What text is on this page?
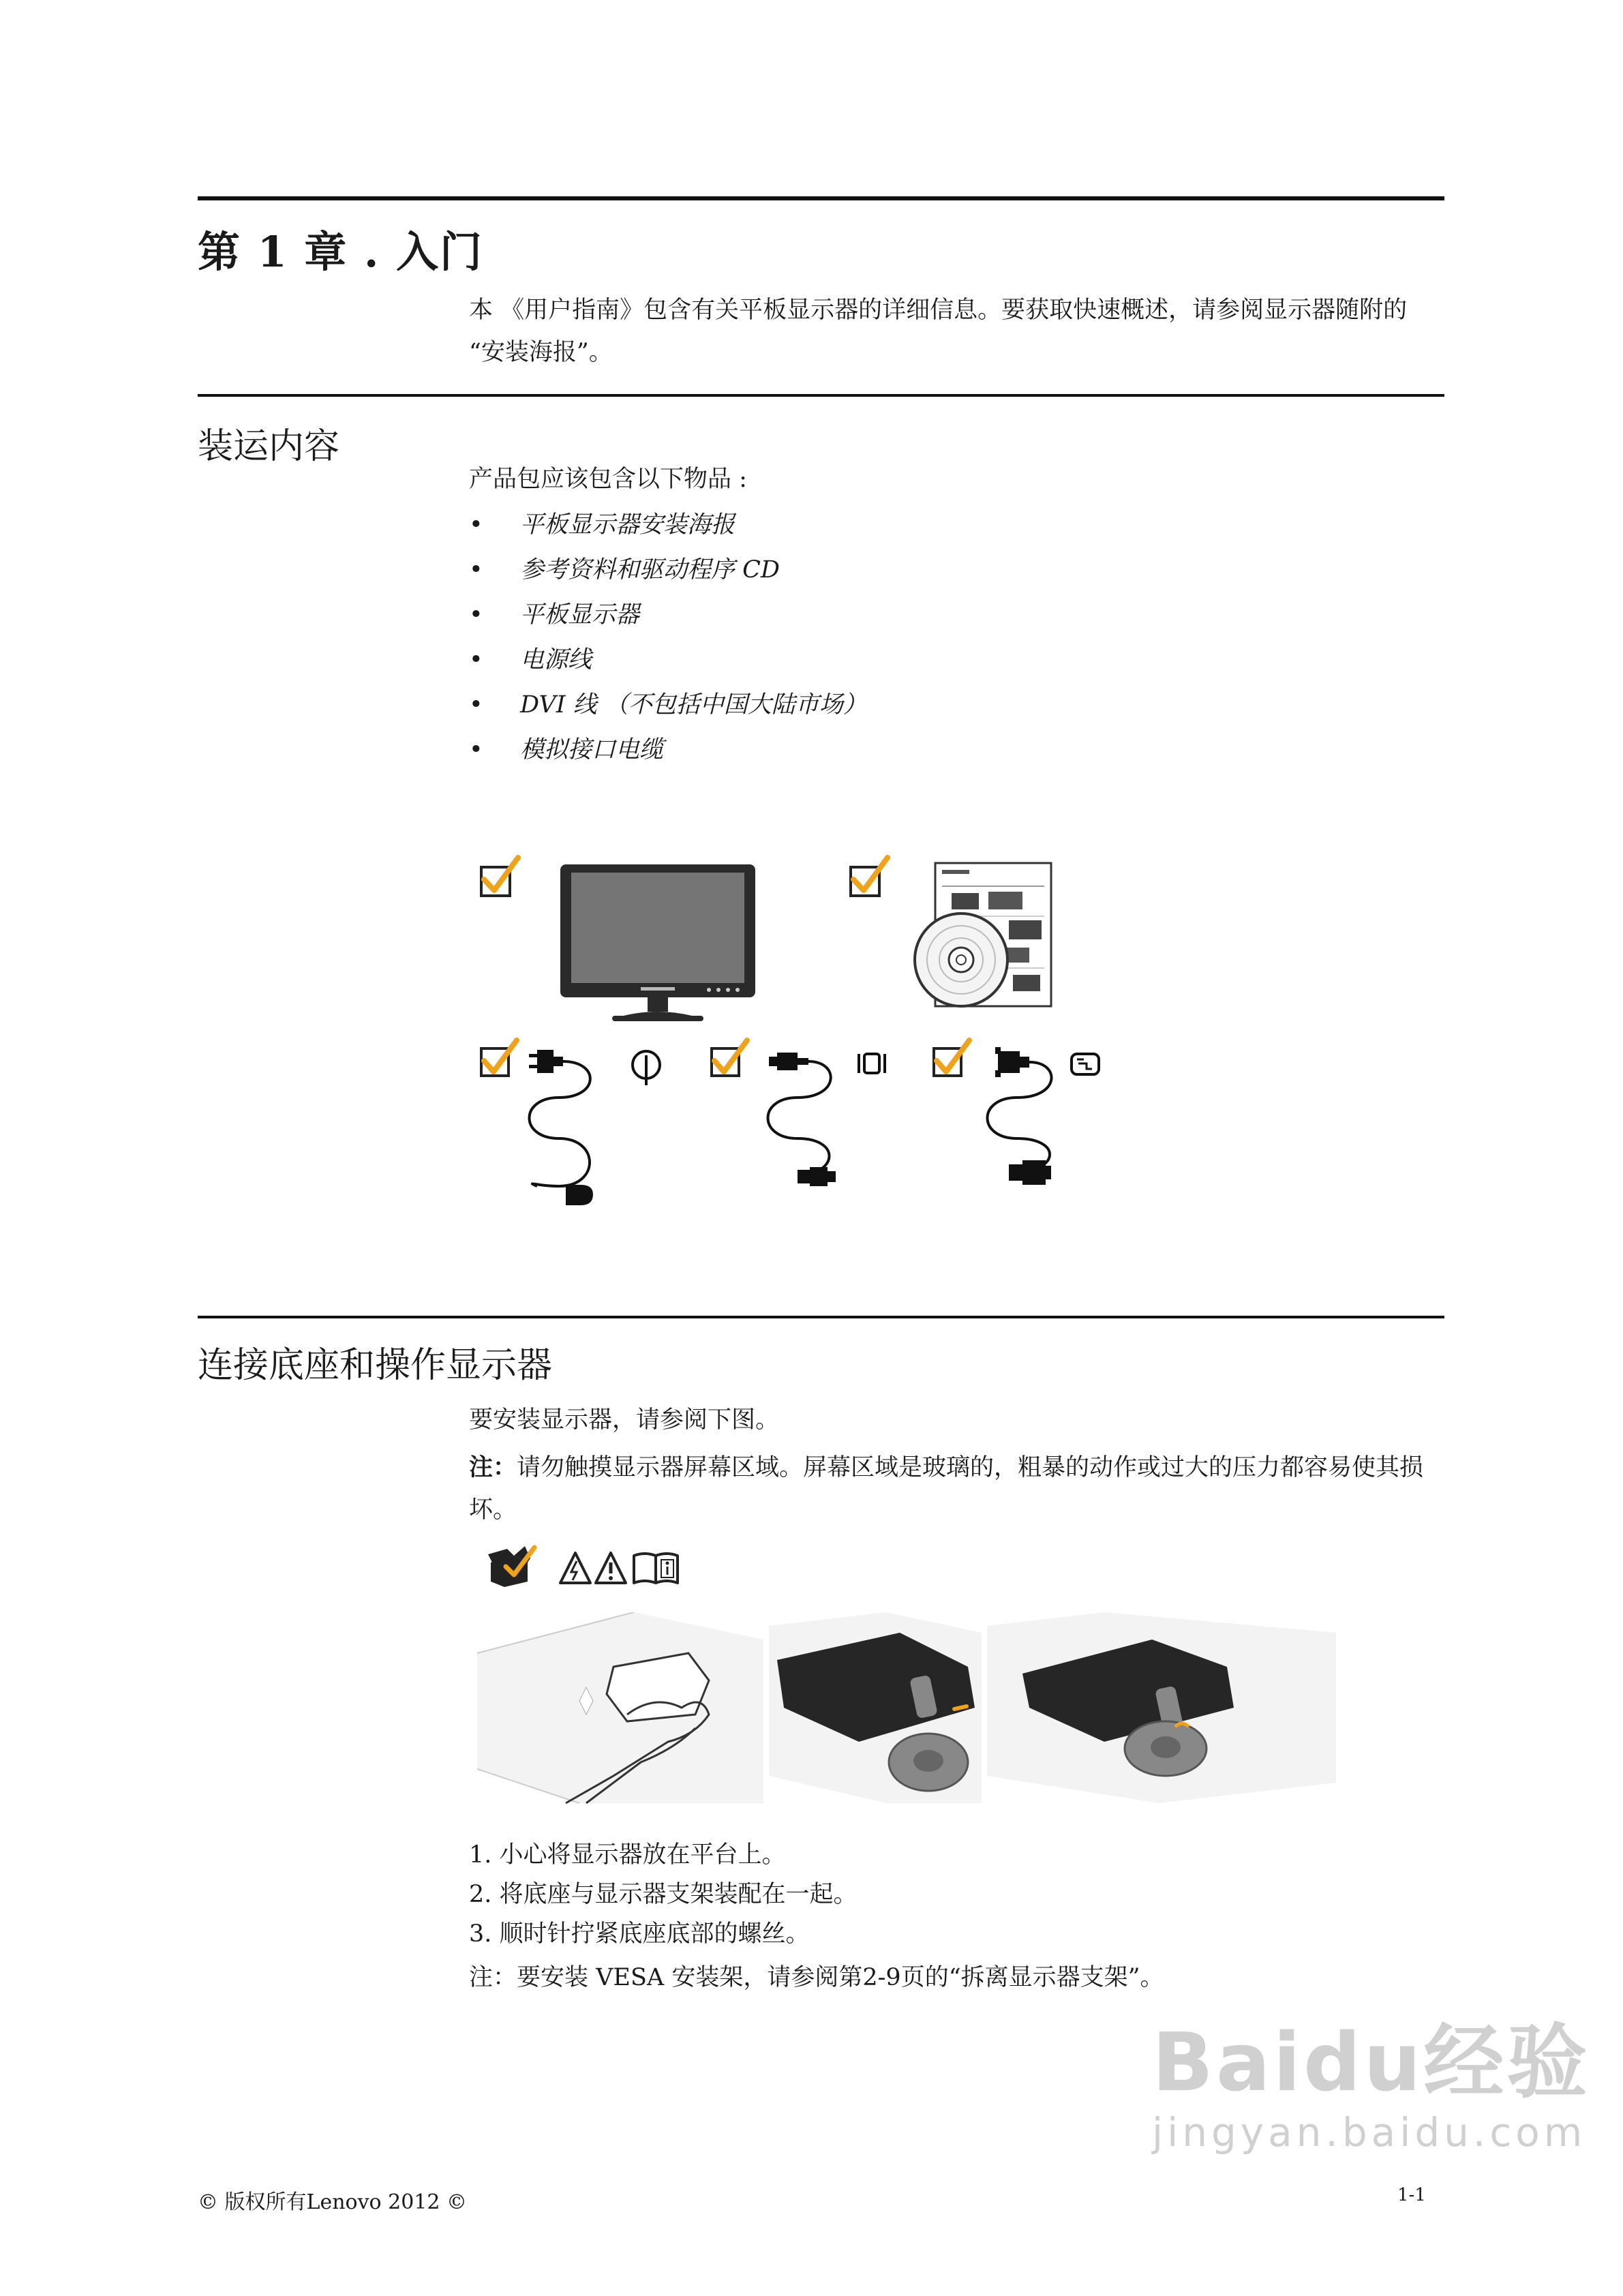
第 1 章 . 入门

本 《用户指南》包含有关平板显示器的详细信息。要获取快速概述，请参阅显示器随附的 “安装海报”。

装运内容

产品包应该包含以下物品 :

• 平板显示器安装海报
• 参考资料和驱动程序 CD
• 平板显示器
• 电源线
• DVI 线 （不包括中国大陆市场）
• 模拟接口电缆
连接底座和操作显示器

要安装显示器，请参阅下图。

注：请勿触摸显示器屏幕区域。屏幕区域是玻璃的，粗暴的动作或过大的压力都容易使其损坏。

1. 小心将显示器放在平台上。

2. 将底座与显示器支架装配在一起。

3. 顺时针拧紧底座底部的螺丝。

注：要安装 VESA 安装架，请参阅第2-9页的“拆离显示器支架”。

© 版权所有Lenovo 2012 ©	1-1
Baidu经验
jingyan.baidu.com
